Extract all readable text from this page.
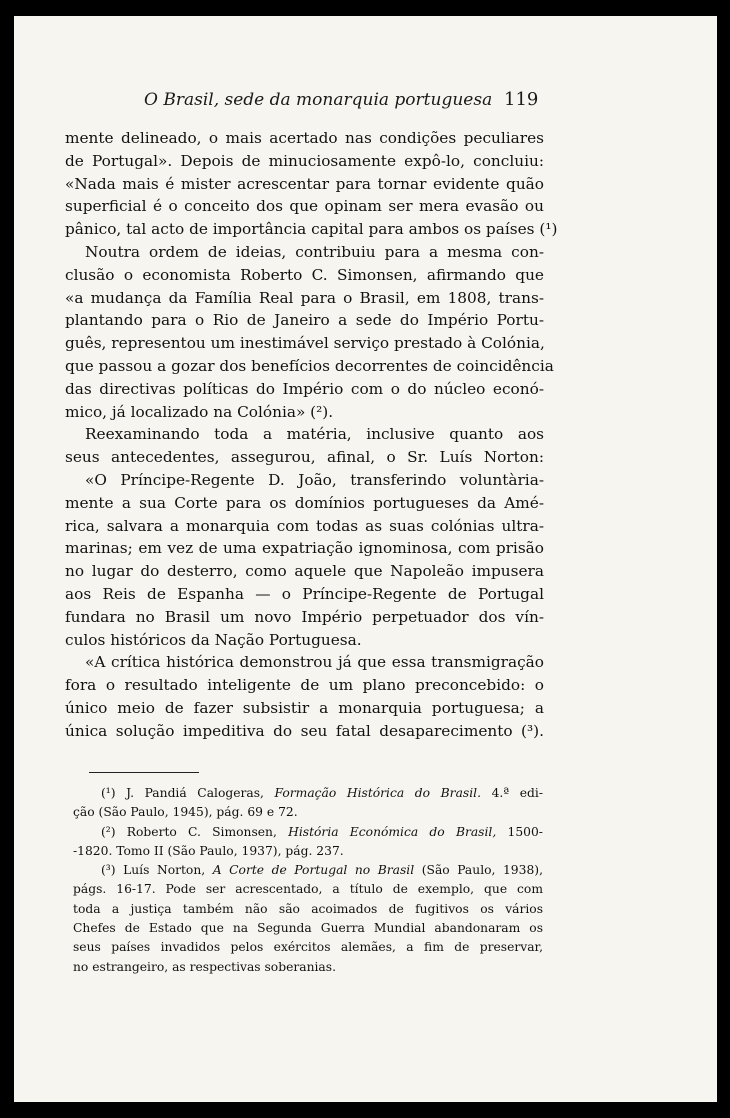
O Brasil, sede da monarquia portuguesa 119
mente delineado, o mais acertado nas condições peculiares
de Portugal». Depois de minuciosamente expô-lo, concluiu:
«Nada mais é mister acrescentar para tornar evidente quão
superficial é o conceito dos que opinam ser mera evasão ou
pânico, tal acto de importância capital para ambos os países (¹)
Noutra ordem de ideias, contribuiu para a mesma con-
clusão o economista Roberto C. Simonsen, afirmando que
«a mudança da Família Real para o Brasil, em 1808, trans-
plantando para o Rio de Janeiro a sede do Império Portu-
guês, representou um inestimável serviço prestado à Colónia,
que passou a gozar dos benefícios decorrentes de coincidência
das directivas políticas do Império com o do núcleo econó-
mico, já localizado na Colónia» (²).
Reexaminando toda a matéria, inclusive quanto aos
seus antecedentes, assegurou, afinal, o Sr. Luís Norton:
«O Príncipe-Regente D. João, transferindo voluntària-
mente a sua Corte para os domínios portugueses da Amé-
rica, salvara a monarquia com todas as suas colónias ultra-
marinas; em vez de uma expatriação ignominosa, com prisão
no lugar do desterro, como aquele que Napoleão impusera
aos Reis de Espanha — o Príncipe-Regente de Portugal
fundara no Brasil um novo Império perpetuador dos vín-
culos históricos da Nação Portuguesa.
«A crítica histórica demonstrou já que essa transmigração
fora o resultado inteligente de um plano preconcebido: o
único meio de fazer subsistir a monarquia portuguesa; a
única solução impeditiva do seu fatal desaparecimento (³).
(¹) J. Pandiá Calogeras, Formação Histórica do Brasil. 4.ª edi-
ção (São Paulo, 1945), pág. 69 e 72.
(²) Roberto C. Simonsen, História Económica do Brasil, 1500-
-1820. Tomo II (São Paulo, 1937), pág. 237.
(³) Luís Norton, A Corte de Portugal no Brasil (São Paulo, 1938),
págs. 16-17. Pode ser acrescentado, a título de exemplo, que com
toda a justiça também não são acoimados de fugitivos os vários
Chefes de Estado que na Segunda Guerra Mundial abandonaram os
seus países invadidos pelos exércitos alemães, a fim de preservar,
no estrangeiro, as respectivas soberanias.
